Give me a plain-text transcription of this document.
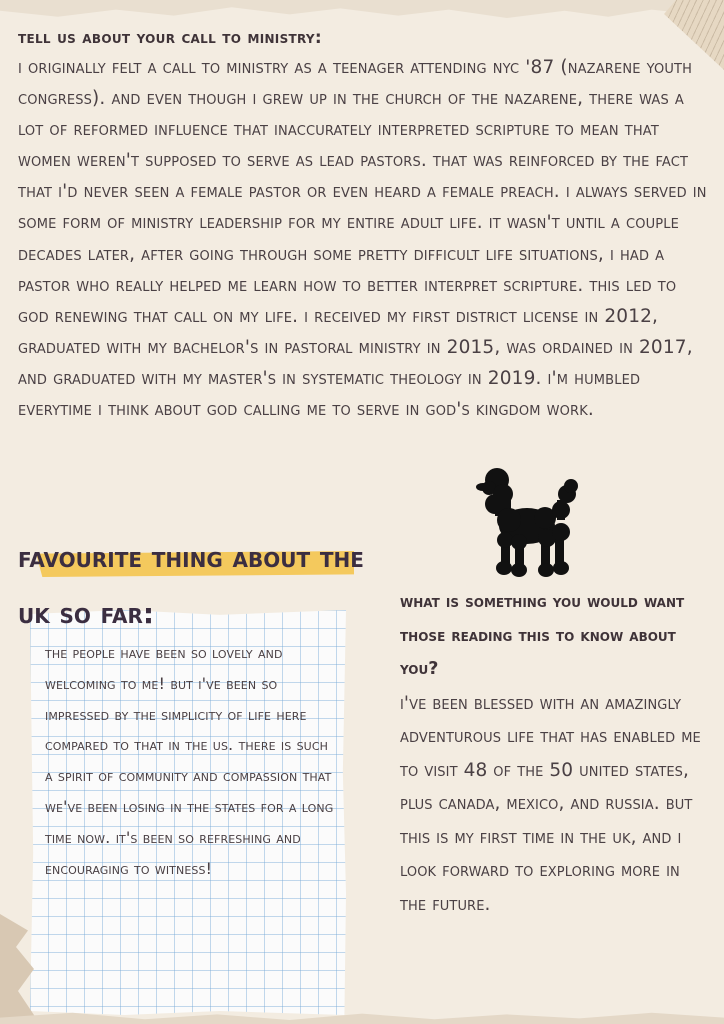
tell us about your call to ministry:

i originally felt a call to ministry as a teenager attending nyc '87 (nazarene youth congress). and even though i grew up in the church of the nazarene, there was a lot of reformed influence that inaccurately interpreted scripture to mean that women weren't supposed to serve as lead pastors. that was reinforced by the fact that i'd never seen a female pastor or even heard a female preach. i always served in some form of ministry leadership for my entire adult life. it wasn't until a couple decades later, after going through some pretty difficult life situations, i had a pastor who really helped me learn how to better interpret scripture. this led to god renewing that call on my life. i received my first district license in 2012, graduated with my bachelor's in pastoral ministry in 2015, was ordained in 2017, and graduated with my master's in systematic theology in 2019. i'm humbled everytime i think about god calling me to serve in god's kingdom work.

favourite thing about the uk so far:

the people have been so lovely and welcoming to me! but i've been so impressed by the simplicity of life here compared to that in the us. there is such a spirit of community and compassion that we've been losing in the states for a long time now. it's been so refreshing and encouraging to witness!

what is something you would want those reading this to know about you?

i've been blessed with an amazingly adventurous life that has enabled me to visit 48 of the 50 united states, plus canada, mexico, and russia. but this is my first time in the uk, and i look forward to exploring more in the future.
